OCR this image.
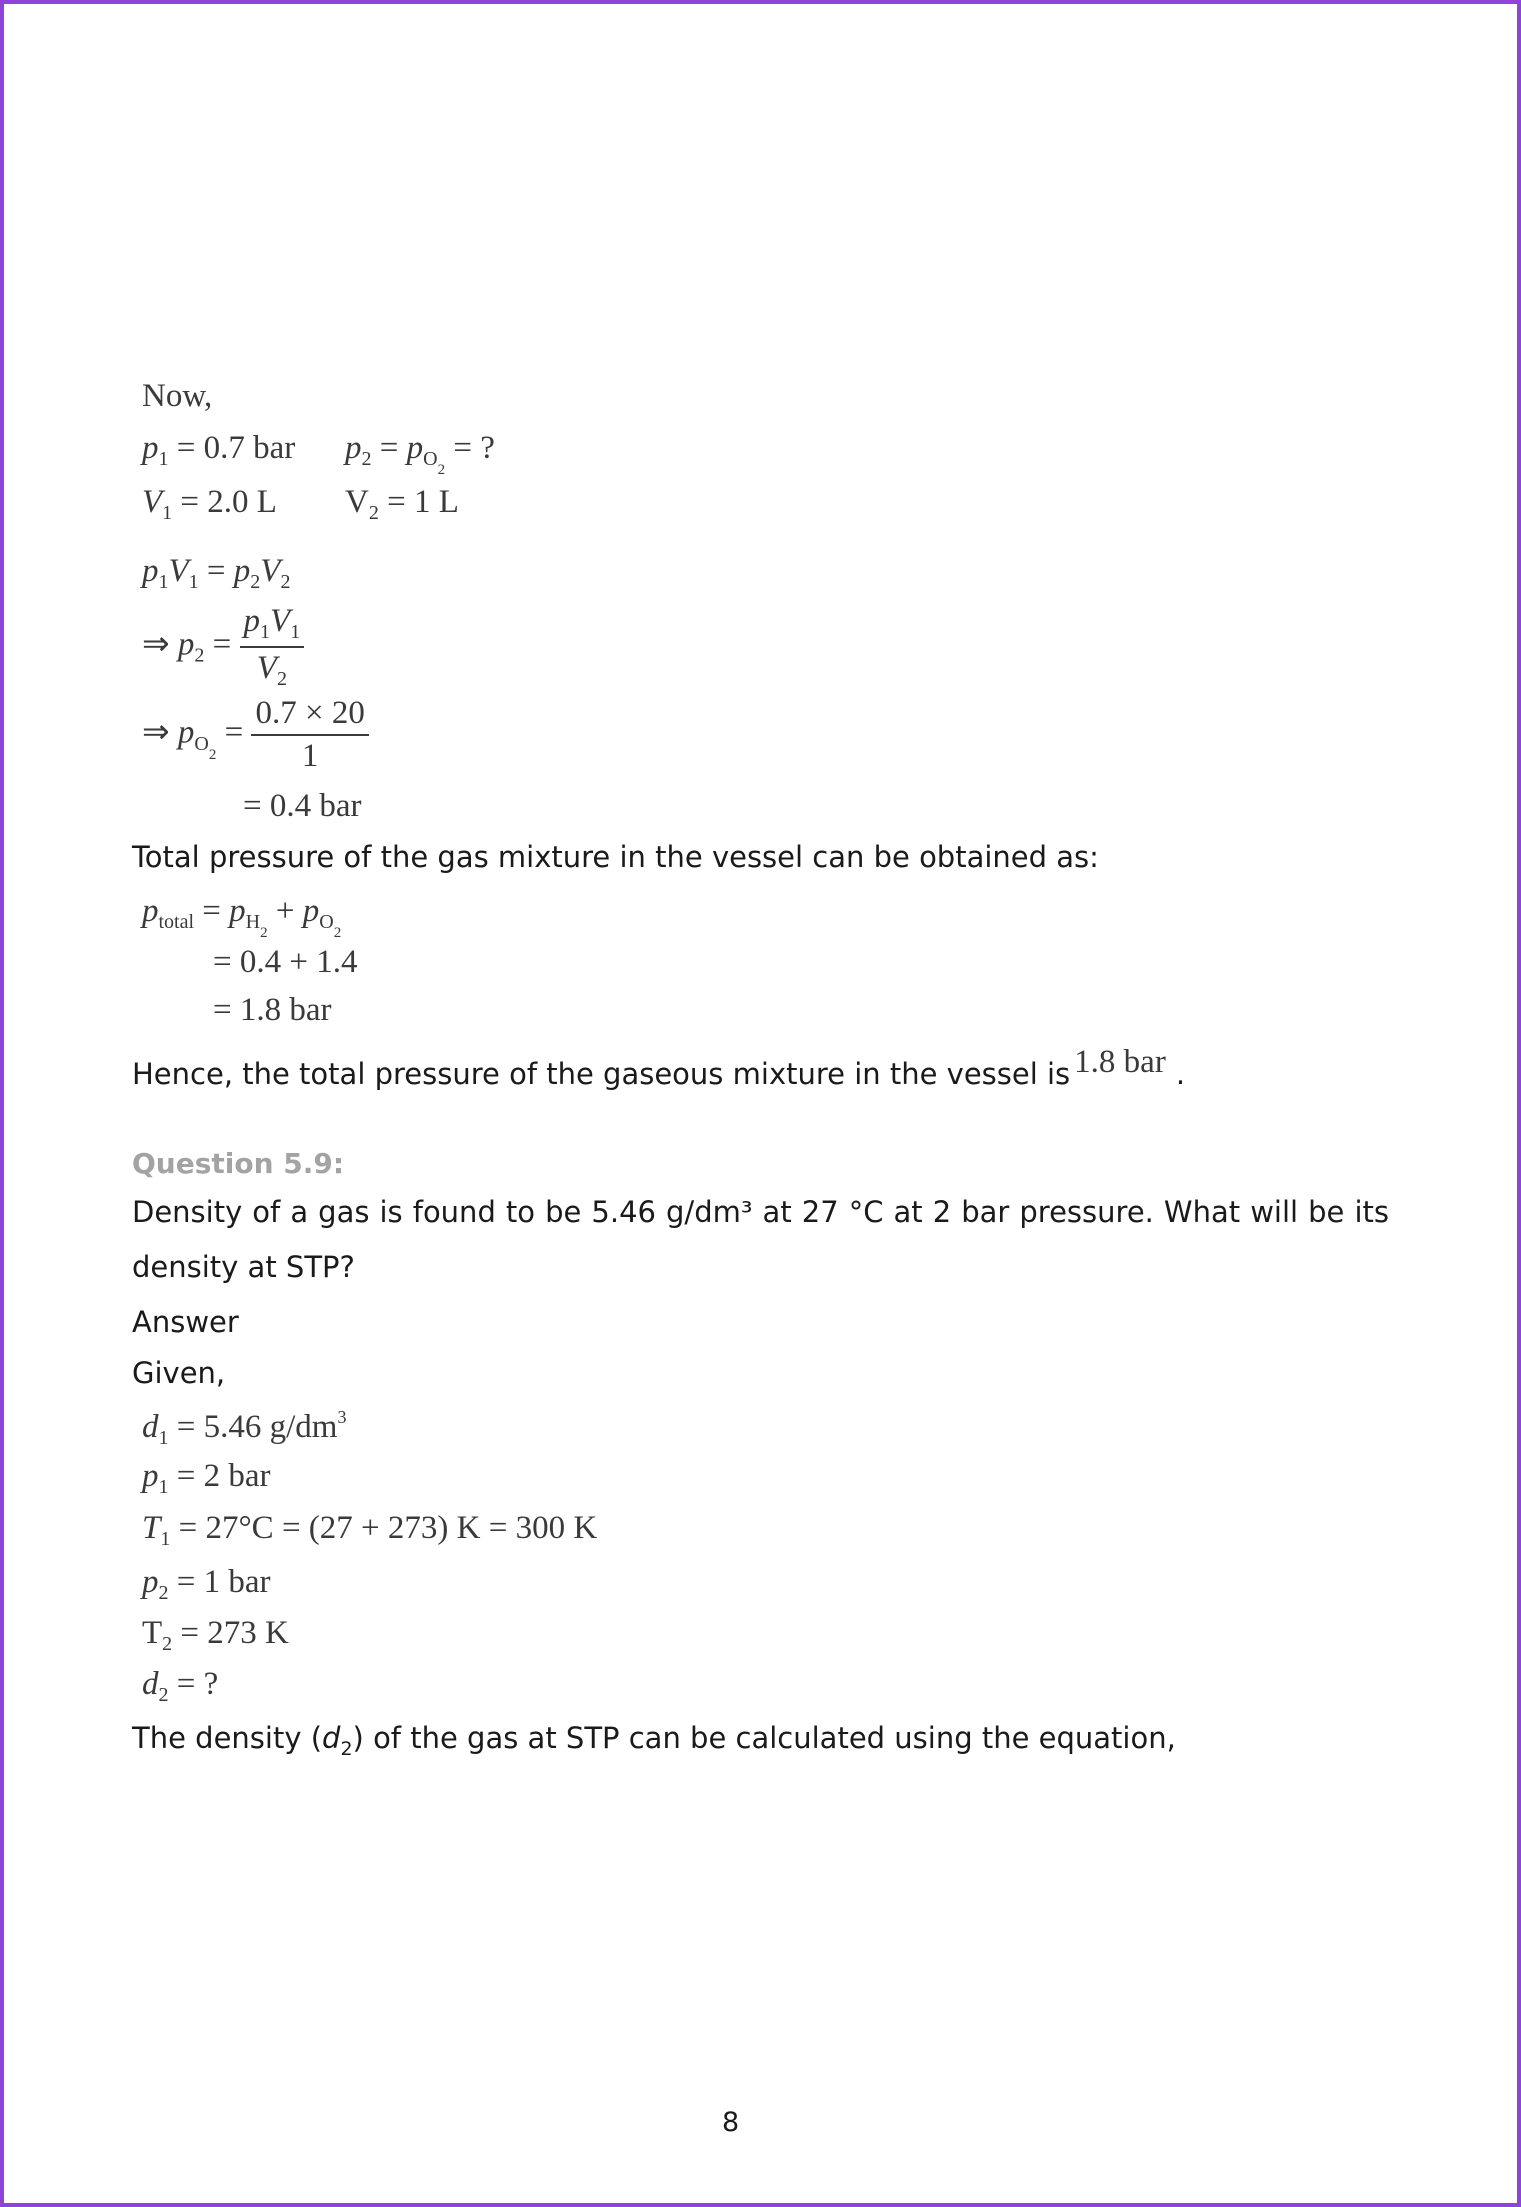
Now,
$p_1 = 0.7$ bar $p_2 = p_{O_2}$ = ?
$V_1 = 2.0$ L $V_2 = 1$ L
$p_1V_1 = p_2V_2$
⇒ $p_2 = \frac{p_1V_1}{V_2}$
⇒ $p_{O_2} = \frac{0.7 \times 20}{1}$
= 0.4 bar
Total pressure of the gas mixture in the vessel can be obtained as:
$p_{total} = p_{H_2} + p_{O_2}$
= 0.4 + 1.4
= 1.8 bar
Hence, the total pressure of the gaseous mixture in the vessel is 1.8 bar .
Question 5.9:
Density of a gas is found to be 5.46 g/dm³ at 27 °C at 2 bar pressure. What will be its
density at STP?
Answer
Given,
$d_1 = 5.46$ $g/dm^3$
$p_1 = 2$ bar
$T_1 = 27^\circ C = (27 + 273) K = 300$ K
$p_2 = 1$ bar
$T_2 = 273$ K
$d_2$ = ?
The density $(d_2)$ of the gas at STP can be calculated using the equation,
8
